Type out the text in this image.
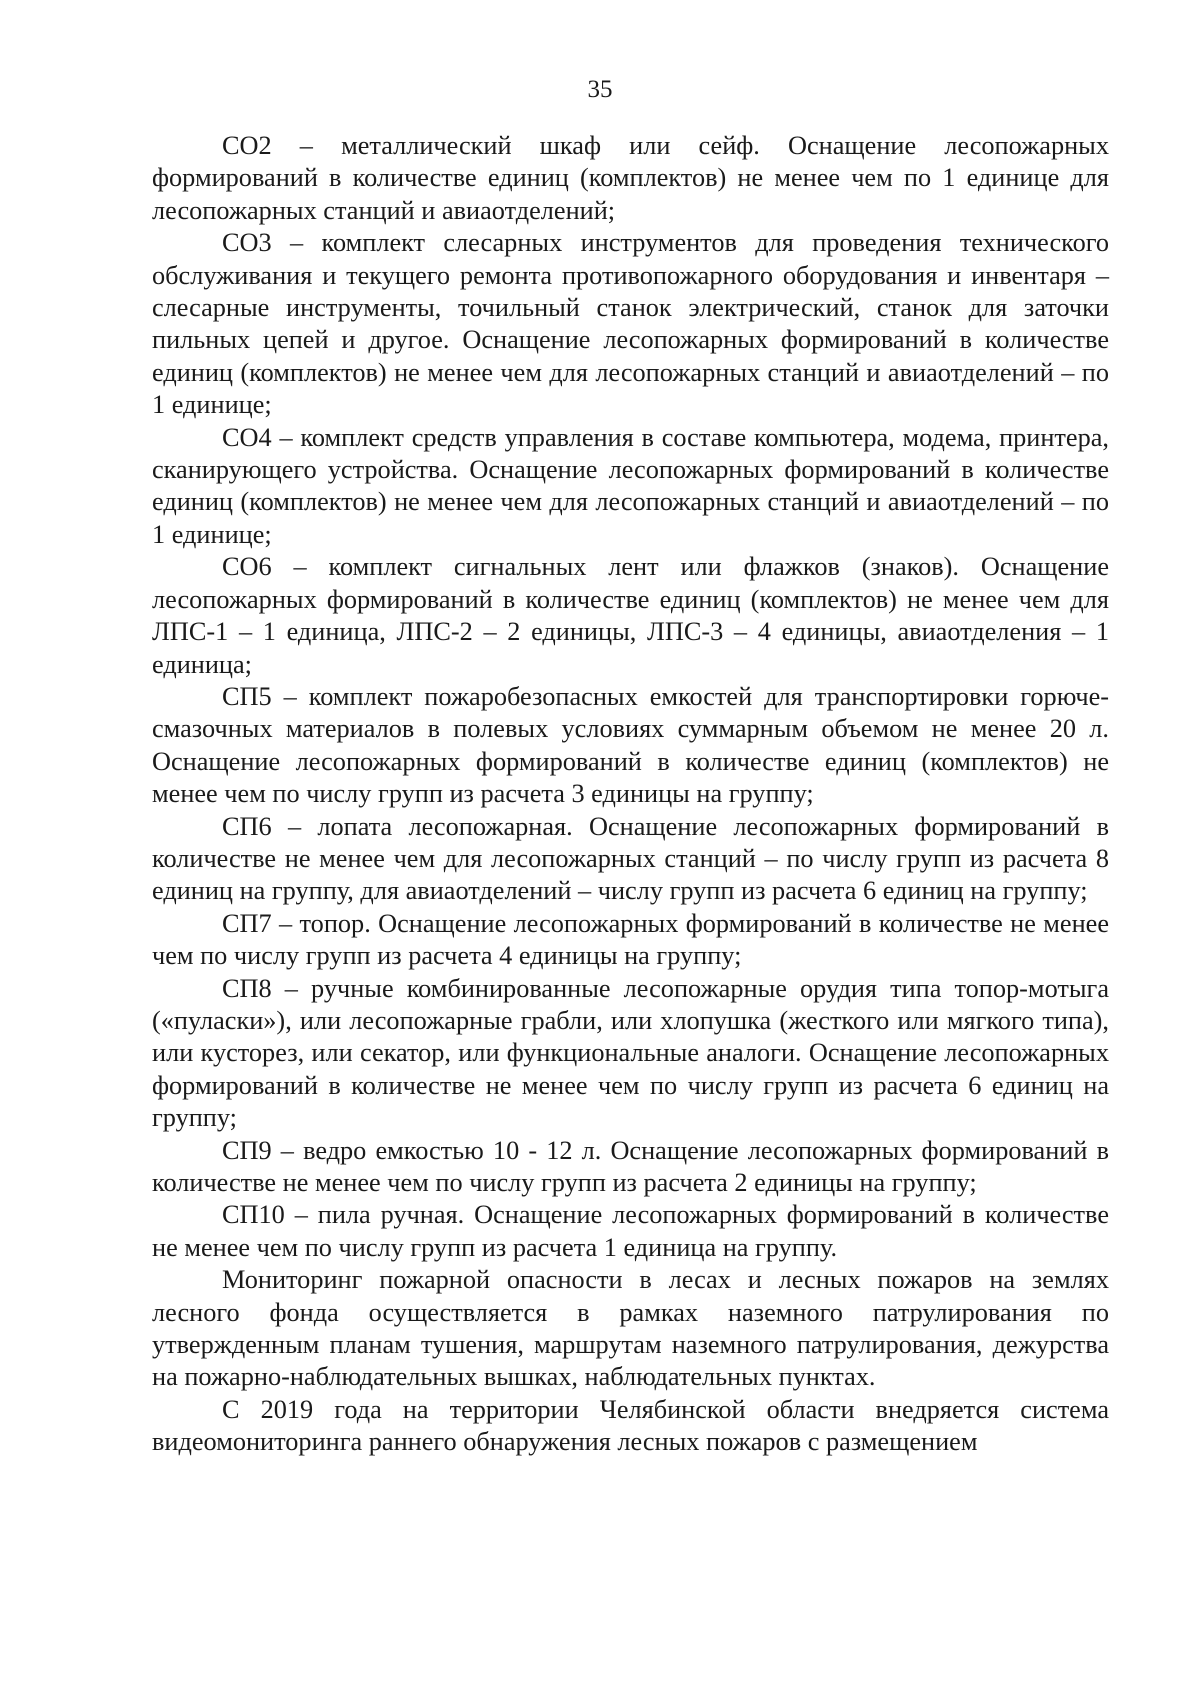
35

СО2 – металлический шкаф или сейф. Оснащение лесопожарных формирований в количестве единиц (комплектов) не менее чем по 1 единице для лесопожарных станций и авиаотделений;

СО3 – комплект слесарных инструментов для проведения технического обслуживания и текущего ремонта противопожарного оборудования и инвентаря – слесарные инструменты, точильный станок электрический, станок для заточки пильных цепей и другое. Оснащение лесопожарных формирований в количестве единиц (комплектов) не менее чем для лесопожарных станций и авиаотделений – по 1 единице;

СО4 – комплект средств управления в составе компьютера, модема, принтера, сканирующего устройства. Оснащение лесопожарных формирований в количестве единиц (комплектов) не менее чем для лесопожарных станций и авиаотделений – по 1 единице;

СО6 – комплект сигнальных лент или флажков (знаков). Оснащение лесопожарных формирований в количестве единиц (комплектов) не менее чем для ЛПС-1 – 1 единица, ЛПС-2 – 2 единицы, ЛПС-3 – 4 единицы, авиаотделения – 1 единица;

СП5 – комплект пожаробезопасных емкостей для транспортировки горюче-смазочных материалов в полевых условиях суммарным объемом не менее 20 л. Оснащение лесопожарных формирований в количестве единиц (комплектов) не менее чем по числу групп из расчета 3 единицы на группу;

СП6 – лопата лесопожарная. Оснащение лесопожарных формирований в количестве не менее чем для лесопожарных станций – по числу групп из расчета 8 единиц на группу, для авиаотделений – числу групп из расчета 6 единиц на группу;

СП7 – топор. Оснащение лесопожарных формирований в количестве не менее чем по числу групп из расчета 4 единицы на группу;

СП8 – ручные комбинированные лесопожарные орудия типа топор-мотыга («пуласки»), или лесопожарные грабли, или хлопушка (жесткого или мягкого типа), или кусторез, или секатор, или функциональные аналоги. Оснащение лесопожарных формирований в количестве не менее чем по числу групп из расчета 6 единиц на группу;

СП9 – ведро емкостью 10 - 12 л. Оснащение лесопожарных формирований в количестве не менее чем по числу групп из расчета 2 единицы на группу;

СП10 – пила ручная. Оснащение лесопожарных формирований в количестве не менее чем по числу групп из расчета 1 единица на группу.

Мониторинг пожарной опасности в лесах и лесных пожаров на землях лесного фонда осуществляется в рамках наземного патрулирования по утвержденным планам тушения, маршрутам наземного патрулирования, дежурства на пожарно-наблюдательных вышках, наблюдательных пунктах.

С 2019 года на территории Челябинской области внедряется система видеомониторинга раннего обнаружения лесных пожаров с размещением
